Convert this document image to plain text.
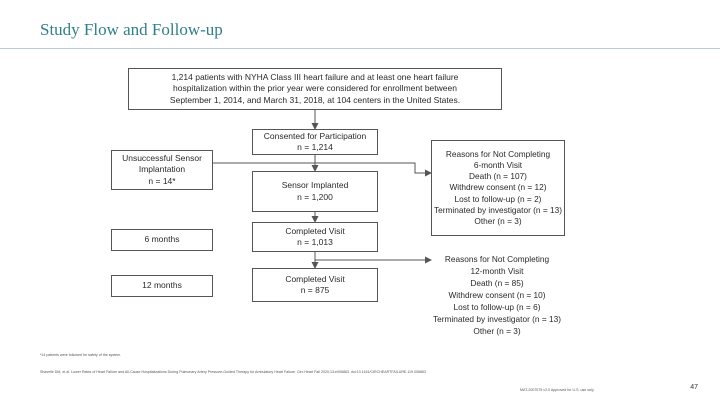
Study Flow and Follow-up
1,214 patients with NYHA Class III heart failure and at least one heart failure
hospitalization within the prior year were considered for enrollment between
September 1, 2014, and March 31, 2018, at 104 centers in the United States.
Consented for Participation
n = 1,214
Unsuccessful Sensor
Implantation
n = 14*	Sensor Implanted
n = 1,200
6 months
Completed Visit
n = 1,013
12 months
Completed Visit
n = 875
Reasons for Not Completing
6-month Visit
Death (n = 107)
Withdrew consent (n = 12)
Lost to follow-up (n = 2)
Terminated by investigator (n = 13)
Other (n = 3)
Reasons for Not Completing
12-month Visit
Death (n = 85)
Withdrew consent (n = 10)
Lost to follow-up (n = 6)
Terminated by investigator (n = 13)
Other (n = 3)
*14 patients were followed for safety of the system.
Shavelle DM, et al. Lower Rates of Heart Failure and All-Cause Hospitalizations During Pulmonary Artery Pressure-Guided Therapy for Ambulatory Heart Failure. Circ Heart Fail 2020;13:e006863. doi:10.1161/CIRCHEARTFAILURE.119.006863
MAT-2007075 v2.0 Approved for U.S. use only	47
